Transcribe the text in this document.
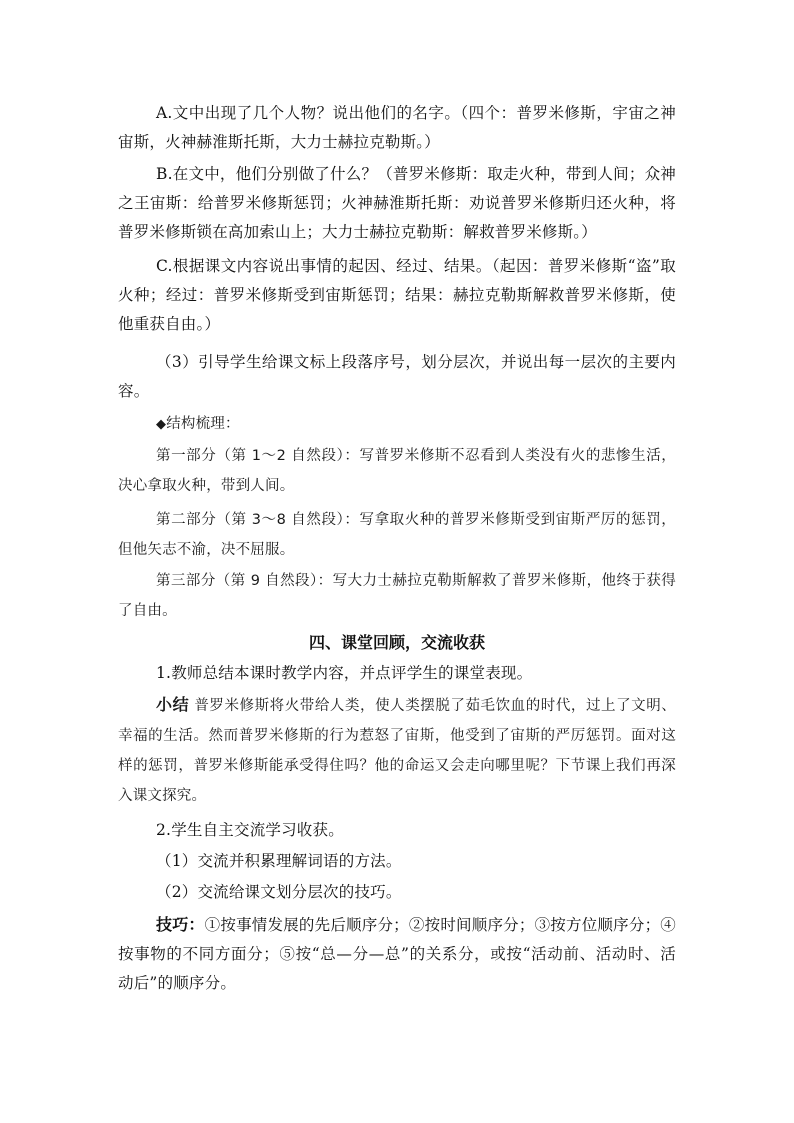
A.文中出现了几个人物？说出他们的名字。（四个：普罗米修斯，宇宙之神宙斯，火神赫淮斯托斯，大力士赫拉克勒斯。）
B.在文中，他们分别做了什么？（普罗米修斯：取走火种，带到人间；众神之王宙斯：给普罗米修斯惩罚；火神赫淮斯托斯：劝说普罗米修斯归还火种，将普罗米修斯锁在高加索山上；大力士赫拉克勒斯：解救普罗米修斯。）
C.根据课文内容说出事情的起因、经过、结果。（起因：普罗米修斯“盗”取火种；经过：普罗米修斯受到宙斯惩罚；结果：赫拉克勒斯解救普罗米修斯，使他重获自由。）
（3）引导学生给课文标上段落序号，划分层次，并说出每一层次的主要内容。
◆结构梳理：
第一部分（第 1～2 自然段）：写普罗米修斯不忍看到人类没有火的悲惨生活，决心拿取火种，带到人间。
第二部分（第 3～8 自然段）：写拿取火种的普罗米修斯受到宙斯严厉的惩罚，但他矢志不渝，决不屈服。
第三部分（第 9 自然段）：写大力士赫拉克勒斯解救了普罗米修斯，他终于获得了自由。
四、课堂回顾，交流收获
1.教师总结本课时教学内容，并点评学生的课堂表现。
小结 普罗米修斯将火带给人类，使人类摆脱了茹毛饮血的时代，过上了文明、幸福的生活。然而普罗米修斯的行为惹怒了宙斯，他受到了宙斯的严厉惩罚。面对这样的惩罚，普罗米修斯能承受得住吗？他的命运又会走向哪里呢？下节课上我们再深入课文探究。
2.学生自主交流学习收获。
（1）交流并积累理解词语的方法。
（2）交流给课文划分层次的技巧。
技巧：①按事情发展的先后顺序分；②按时间顺序分；③按方位顺序分；④按事物的不同方面分；⑤按“总—分—总”的关系分，或按“活动前、活动时、活动后”的顺序分。
